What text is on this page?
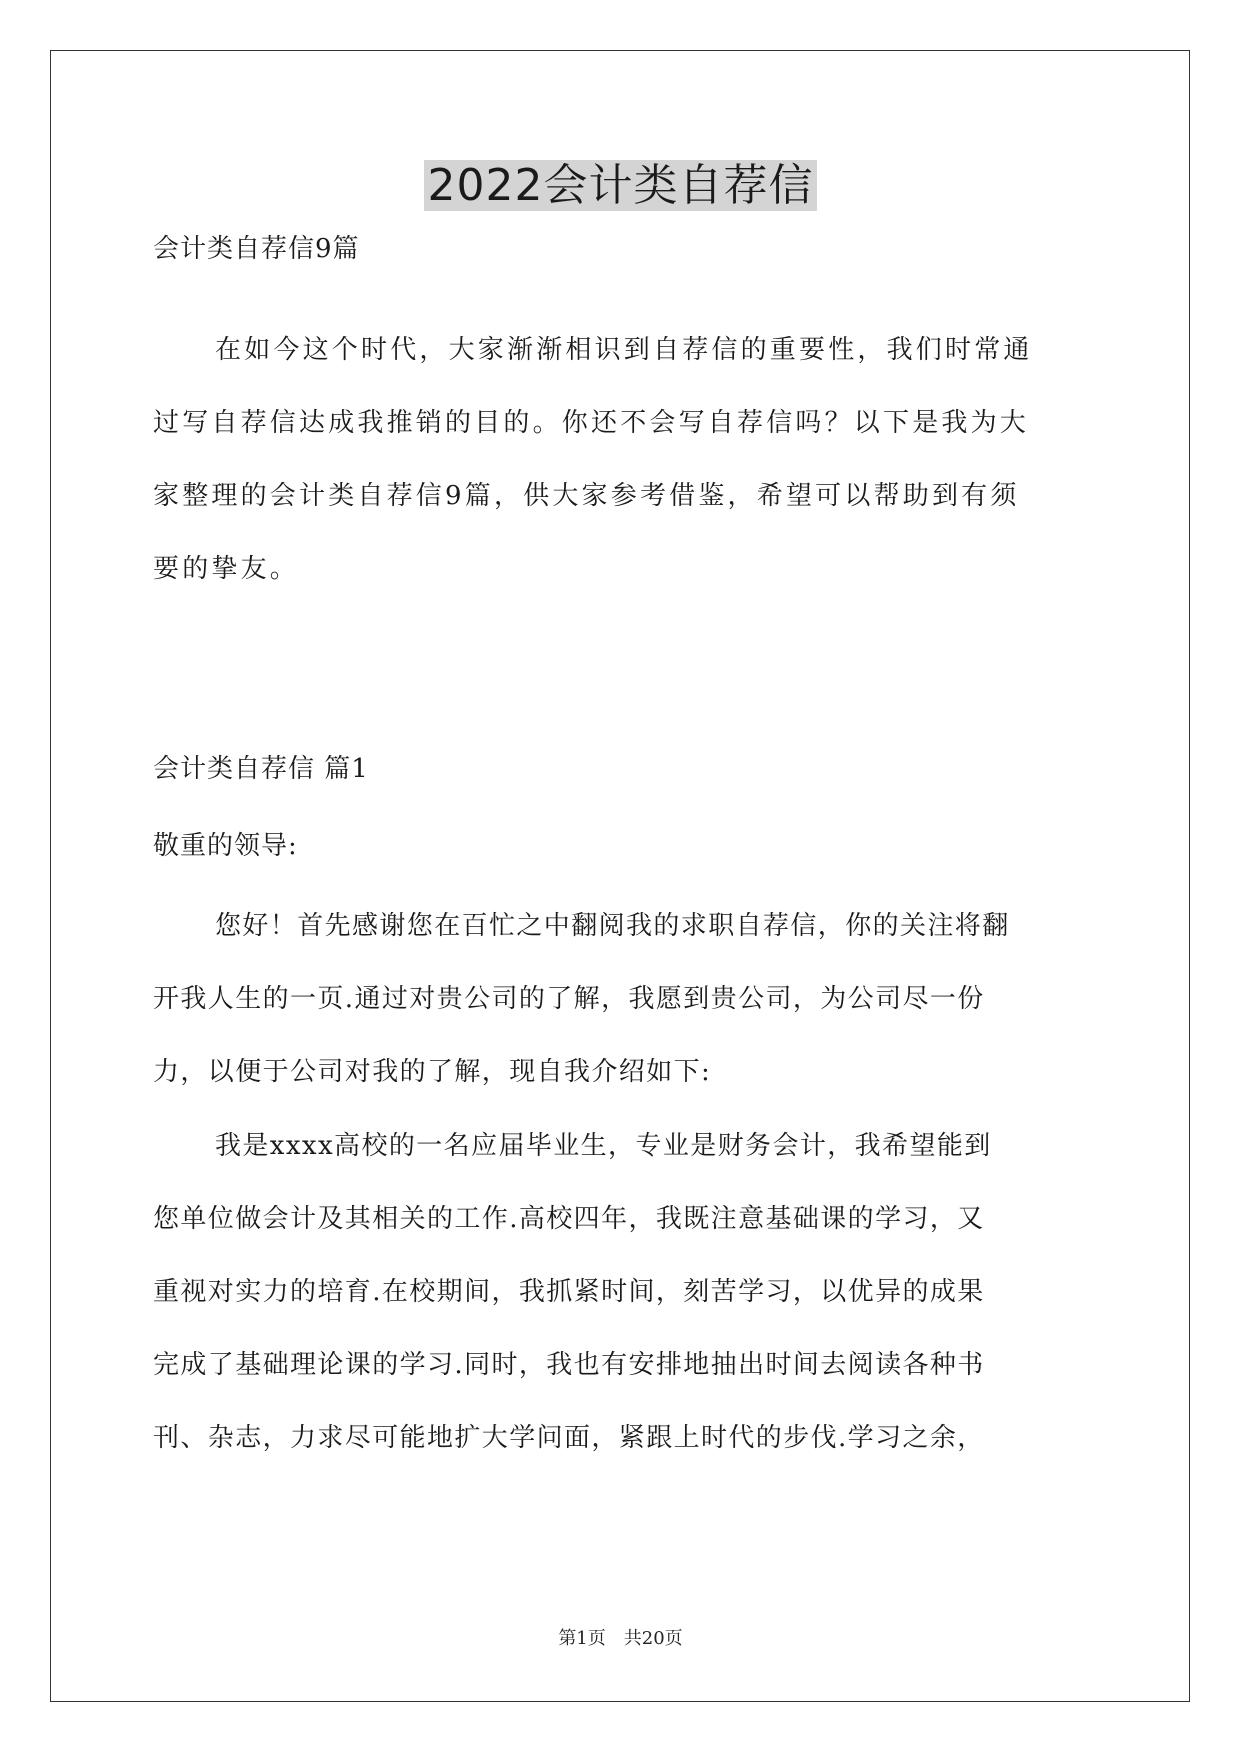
2022会计类自荐信
会计类自荐信9篇
在如今这个时代，大家渐渐相识到自荐信的重要性，我们时常通
过写自荐信达成我推销的目的。你还不会写自荐信吗？以下是我为大
家整理的会计类自荐信9篇，供大家参考借鉴，希望可以帮助到有须
要的挚友。
会计类自荐信 篇1
敬重的领导:
您好！首先感谢您在百忙之中翻阅我的求职自荐信，你的关注将翻
开我人生的一页.通过对贵公司的了解，我愿到贵公司，为公司尽一份
力，以便于公司对我的了解，现自我介绍如下:
我是xxxx高校的一名应届毕业生，专业是财务会计，我希望能到
您单位做会计及其相关的工作.高校四年，我既注意基础课的学习，又
重视对实力的培育.在校期间，我抓紧时间，刻苦学习，以优异的成果
完成了基础理论课的学习.同时，我也有安排地抽出时间去阅读各种书
刊、杂志，力求尽可能地扩大学问面，紧跟上时代的步伐.学习之余，
第1页　共20页
